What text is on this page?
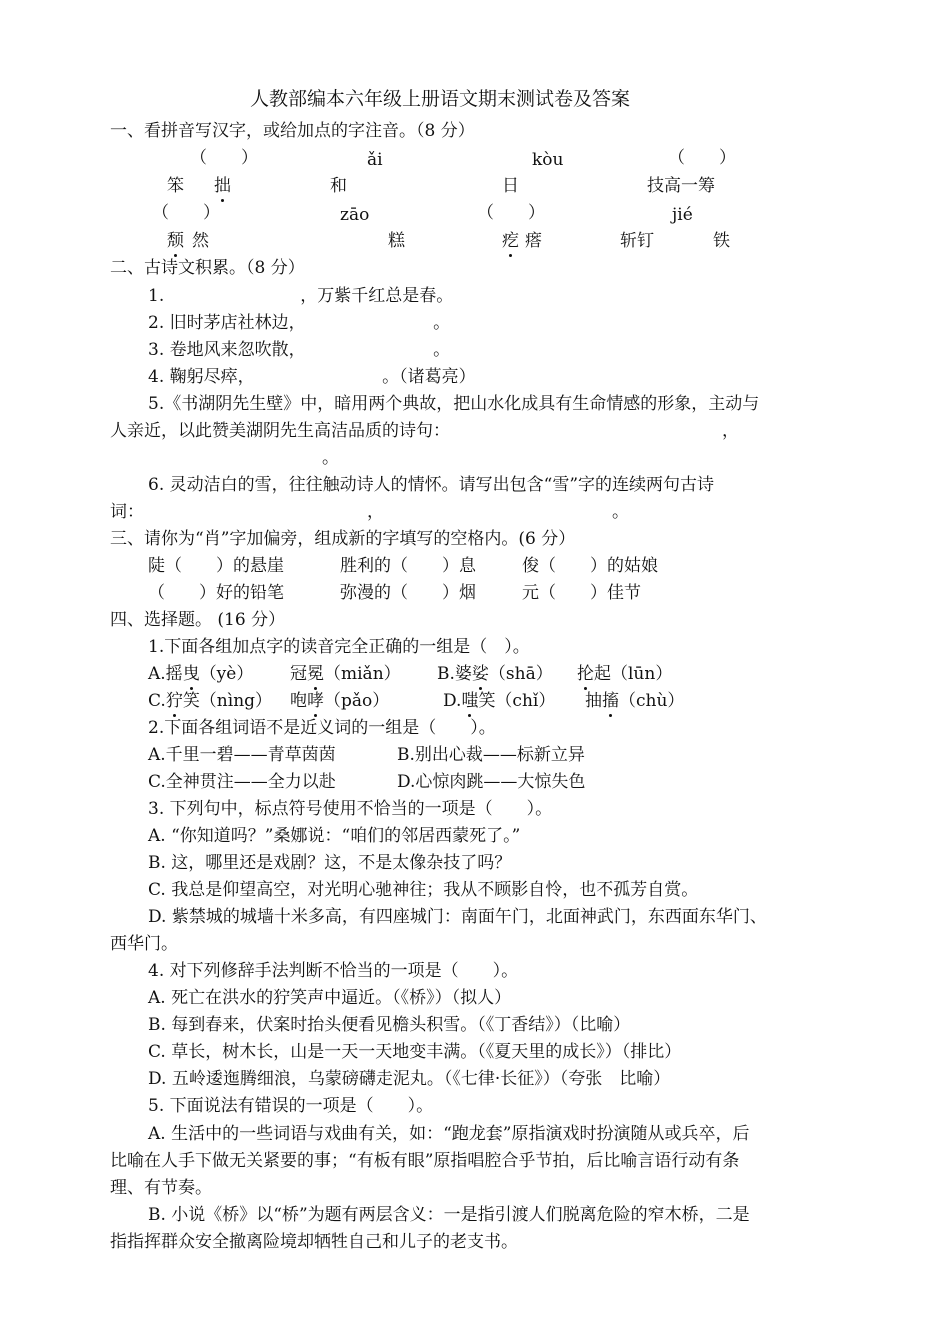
人教部编本六年级上册语文期末测试卷及答案
一、看拼音写汉字，或给加点的字注音。（8 分）
（　　）	ǎi	kòu	（　　）
笨 拙	和	日	技高一筹
（　　）	zāo	（　　）	jié
颓 然	糕	疙 瘩	斩钉	铁
二、古诗文积累。（8 分）
1.　　　　　　　　，万紫千红总是春。
2. 旧时茅店社林边，　　　　　　　　。
3. 卷地风来忽吹散，　　　　　　　　。
4. 鞠躬尽瘁，　　　　　　　　。（诸葛亮）
5.《书湖阴先生壁》中，暗用两个典故，把山水化成具有生命情感的形象，主动与
人亲近，以此赞美湖阴先生高洁品质的诗句：	，
。
6. 灵动洁白的雪，往往触动诗人的情怀。请写出包含“雪”字的连续两句古诗
词：	，	。
三、请你为“肖”字加偏旁，组成新的字填写的空格内。(6 分）
陡（　　）的悬崖	胜利的（　　）息	俊（　　）的姑娘
（　　）好的铅笔	弥漫的（　　）烟	元（　　）佳节
四、选择题。 (16 分）
1.下面各组加点字的读音完全正确的一组是（　）。
A.摇曳（yè） 冠冕（miǎn） B.婆娑（shā） 抡起（lūn）
C.狞笑（nìng） 咆哮（pǎo）	D.嗤笑（chǐ） 抽搐（chù）
2.下面各组词语不是近义词的一组是（　　）。
A.千里一碧——青草茵茵	B.别出心裁——标新立异
C.全神贯注——全力以赴	D.心惊肉跳——大惊失色
3. 下列句中，标点符号使用不恰当的一项是（　　）。
A. “你知道吗？”桑娜说：“咱们的邻居西蒙死了。”
B. 这，哪里还是戏剧？这，不是太像杂技了吗？
C. 我总是仰望高空，对光明心驰神往；我从不顾影自怜，也不孤芳自赏。
D. 紫禁城的城墙十米多高，有四座城门：南面午门，北面神武门，东西面东华门、
西华门。
4. 对下列修辞手法判断不恰当的一项是（　　）。
A. 死亡在洪水的狞笑声中逼近。（《桥》）（拟人）
B. 每到春来，伏案时抬头便看见檐头积雪。（《丁香结》）（比喻）
C. 草长，树木长，山是一天一天地变丰满。（《夏天里的成长》）（排比）
D. 五岭逶迤腾细浪，乌蒙磅礴走泥丸。（《七律·长征》）（夸张　比喻）
5. 下面说法有错误的一项是（　　）。
A. 生活中的一些词语与戏曲有关，如：“跑龙套”原指演戏时扮演随从或兵卒，后
比喻在人手下做无关紧要的事；“有板有眼”原指唱腔合乎节拍，后比喻言语行动有条
理、有节奏。
B. 小说《桥》以“桥”为题有两层含义：一是指引渡人们脱离危险的窄木桥，二是
指指挥群众安全撤离险境却牺牲自己和儿子的老支书。
